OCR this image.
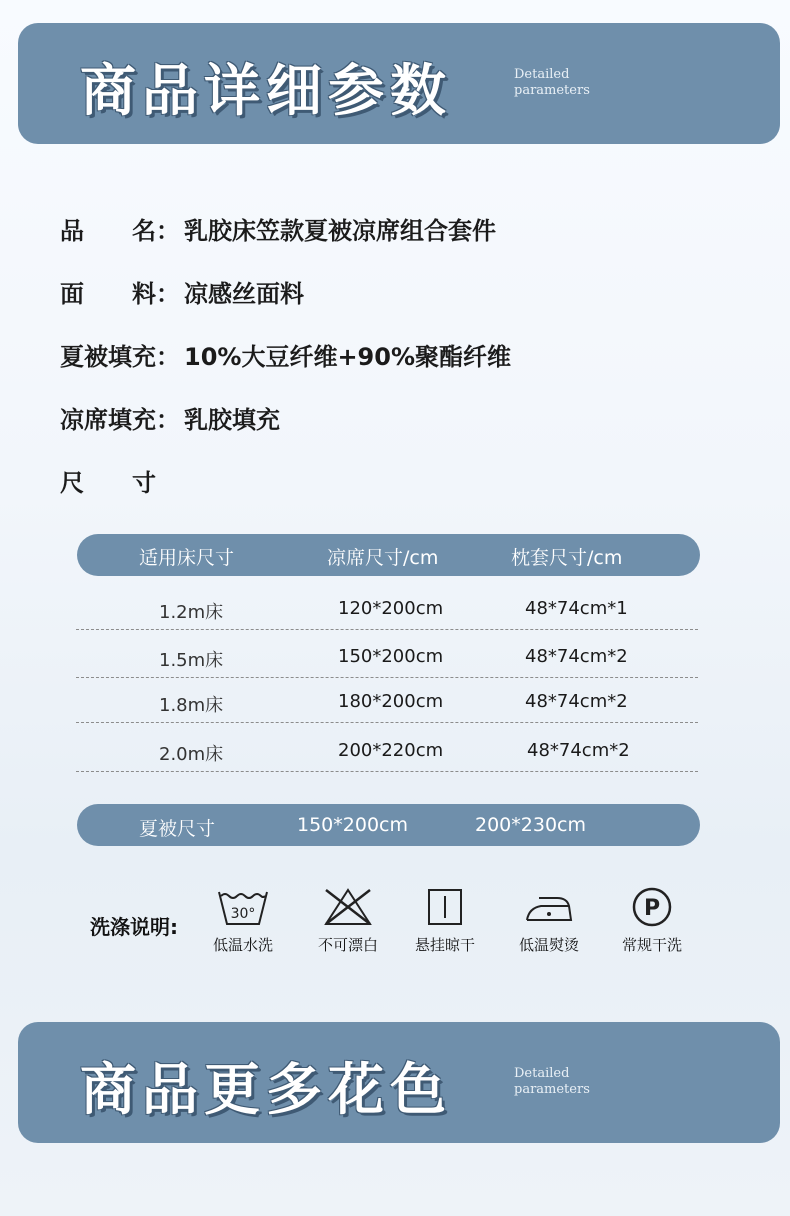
商品详细参数	Detailed
parameters
品　　名： 乳胶床笠款夏被凉席组合套件
面　　料： 凉感丝面料
夏被填充： 10%大豆纤维+90%聚酯纤维
凉席填充： 乳胶填充
尺　　寸
适用床尺寸	凉席尺寸/cm	枕套尺寸/cm
1.2m床	120*200cm	48*74cm*1
1.5m床	150*200cm	48*74cm*2
1.8m床	180*200cm	48*74cm*2
2.0m床	200*220cm	48*74cm*2
夏被尺寸	150*200cm	200*230cm
洗涤说明:
30°
低温水洗	不可漂白	悬挂晾干	低温熨烫
P
常规干洗
商品更多花色	Detailed
parameters
